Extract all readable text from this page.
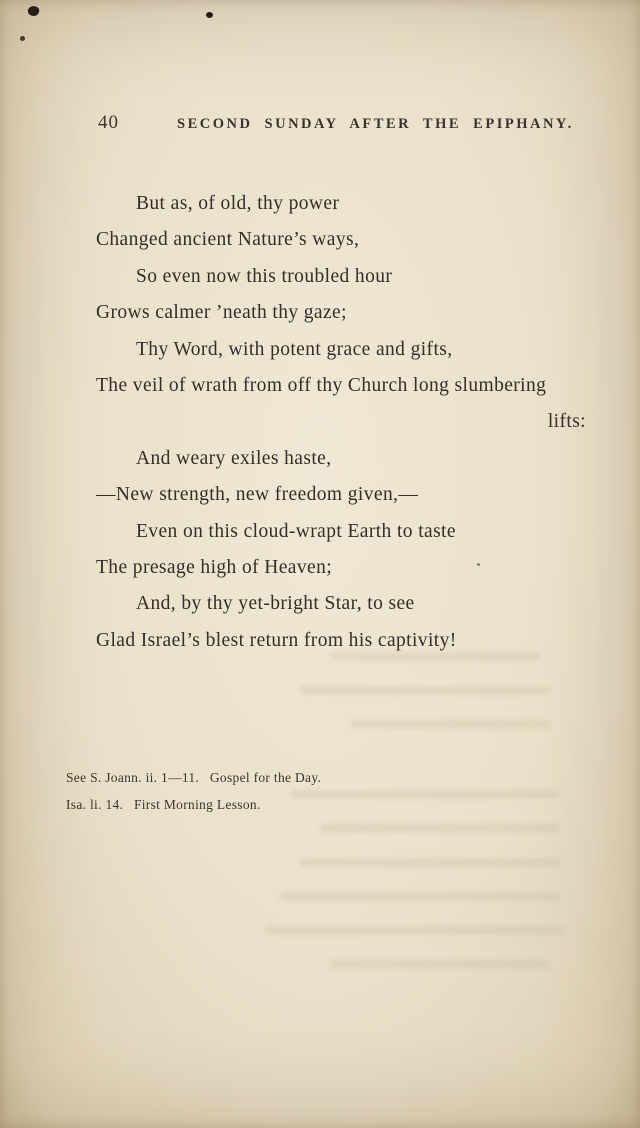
40	SECOND SUNDAY AFTER THE EPIPHANY.
But as, of old, thy power
Changed ancient Nature’s ways,
So even now this troubled hour
Grows calmer ’neath thy gaze;
Thy Word, with potent grace and gifts,
The veil of wrath from off thy Church long slumbering
lifts:
And weary exiles haste,
—New strength, new freedom given,—
Even on this cloud-wrapt Earth to taste
The presage high of Heaven;
And, by thy yet-bright Star, to see
Glad Israel’s blest return from his captivity!
See S. Joann. ii. 1—11.  Gospel for the Day.
Isa. li. 14.  First Morning Lesson.
